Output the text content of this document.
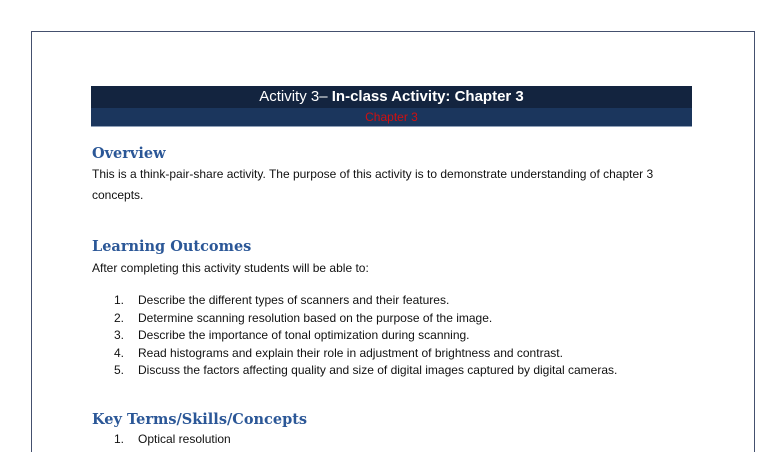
Activity 3– In-class Activity: Chapter 3
Chapter 3
Overview
This is a think-pair-share activity. The purpose of this activity is to demonstrate understanding of chapter 3 concepts.
Learning Outcomes
After completing this activity students will be able to:
1. Describe the different types of scanners and their features.
2. Determine scanning resolution based on the purpose of the image.
3. Describe the importance of tonal optimization during scanning.
4. Read histograms and explain their role in adjustment of brightness and contrast.
5. Discuss the factors affecting quality and size of digital images captured by digital cameras.
Key Terms/Skills/Concepts
1. Optical resolution
